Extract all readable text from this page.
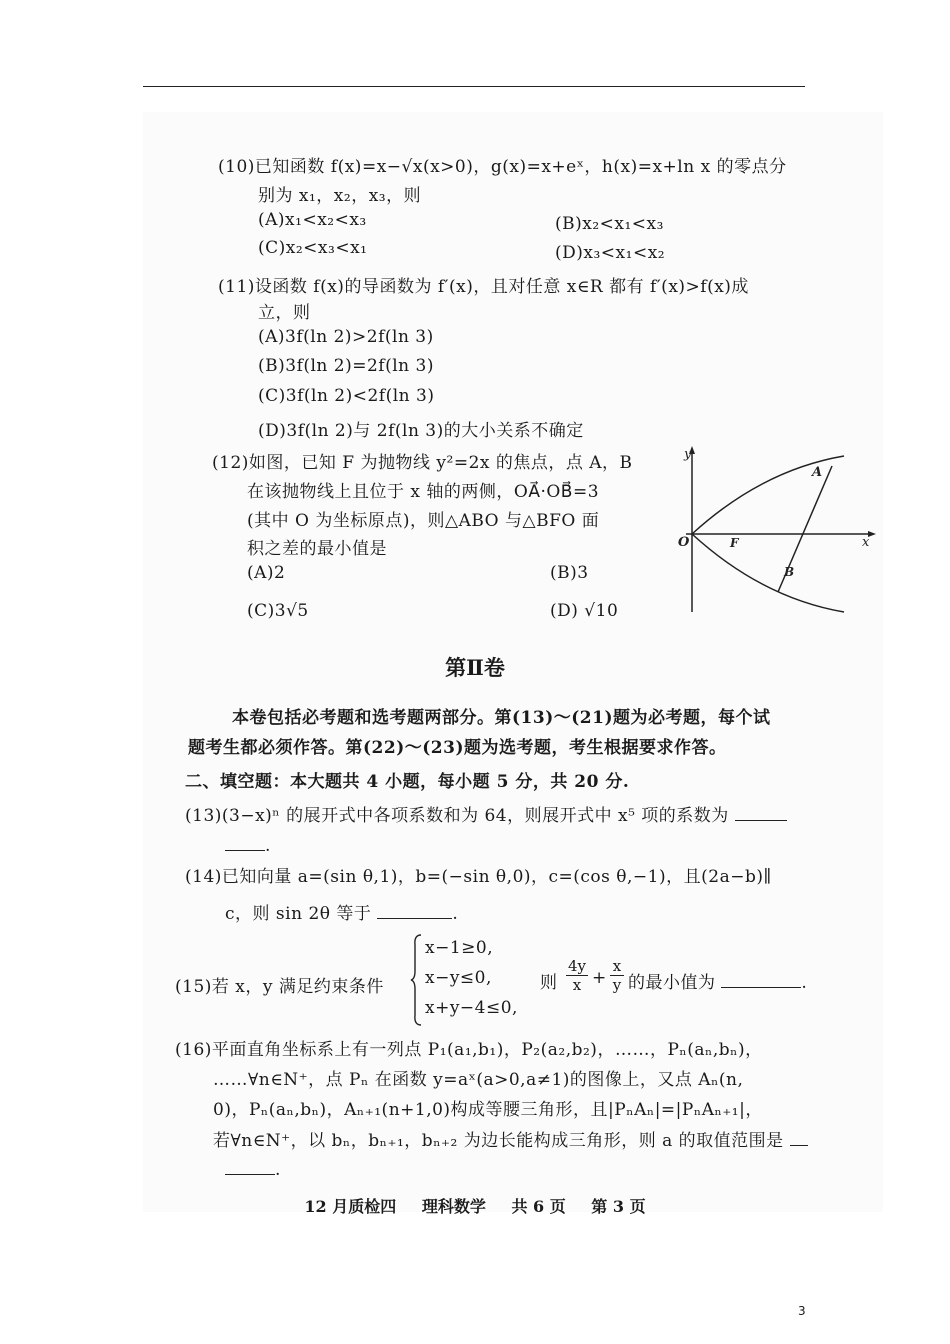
(10)已知函数 f(x)=x−√x(x>0)，g(x)=x+eˣ，h(x)=x+ln x 的零点分
别为 x₁，x₂，x₃，则
(A)x₁<x₂<x₃	(B)x₂<x₁<x₃
(C)x₂<x₃<x₁	(D)x₃<x₁<x₂
(11)设函数 f(x)的导函数为 f′(x)，且对任意 x∈R 都有 f′(x)>f(x)成
立，则
(A)3f(ln 2)>2f(ln 3)
(B)3f(ln 2)=2f(ln 3)
(C)3f(ln 2)<2f(ln 3)
(D)3f(ln 2)与 2f(ln 3)的大小关系不确定
(12)如图，已知 F 为抛物线 y²=2x 的焦点，点 A，B
在该抛物线上且位于 x 轴的两侧，OA⃗·OB⃗=3
(其中 O 为坐标原点)，则△ABO 与△BFO 面
积之差的最小值是
(A)2	(B)3
(C)3√5	(D) √10
y
x
O	F
A
B
第Ⅱ卷
本卷包括必考题和选考题两部分。第(13)～(21)题为必考题，每个试
题考生都必须作答。第(22)～(23)题为选考题，考生根据要求作答。
二、填空题：本大题共 4 小题，每小题 5 分，共 20 分.
(13)(3−x)ⁿ 的展开式中各项系数和为 64，则展开式中 x⁵ 项的系数为
.
(14)已知向量 a=(sin θ,1)，b=(−sin θ,0)，c=(cos θ,−1)，且(2a−b)∥
c，则 sin 2θ 等于	.
(15)若 x，y 满足约束条件
x−1≥0,
x−y≤0,
x+y−4≤0,
则 $\frac{4y}{x} + \frac{x}{y}$ 的最小值为	.
(16)平面直角坐标系上有一列点 P₁(a₁,b₁)，P₂(a₂,b₂)，……，Pₙ(aₙ,bₙ)，
……∀n∈N⁺，点 Pₙ 在函数 y=aˣ(a>0,a≠1)的图像上，又点 Aₙ(n,
0)，Pₙ(aₙ,bₙ)，Aₙ₊₁(n+1,0)构成等腰三角形，且|PₙAₙ|=|PₙAₙ₊₁|，
若∀n∈N⁺，以 bₙ，bₙ₊₁，bₙ₊₂ 为边长能构成三角形，则 a 的取值范围是
.
12 月质检四 理科数学 共 6 页 第 3 页
3
